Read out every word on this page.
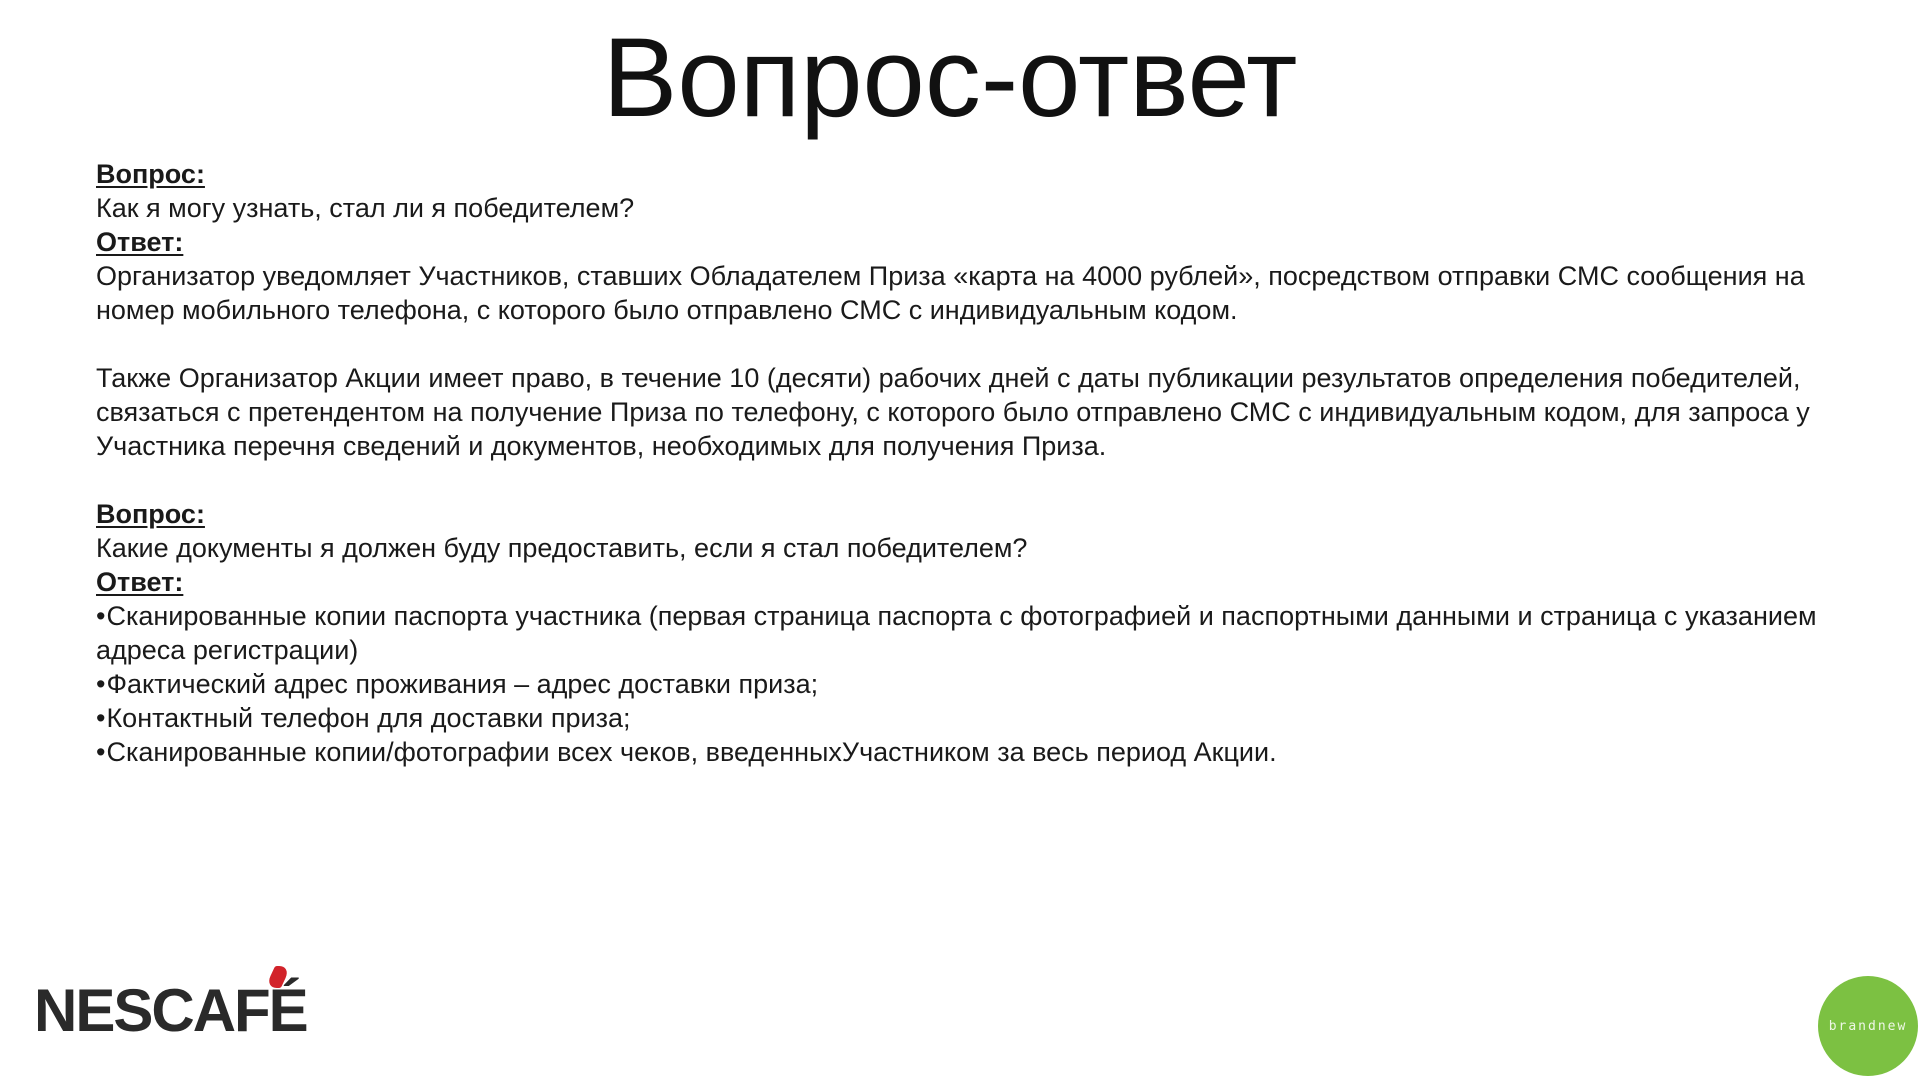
Вопрос-ответ

Вопрос:

Как я могу узнать, стал ли я победителем?

Ответ:

Организатор уведомляет Участников, ставших Обладателем Приза «карта на 4000 рублей», посредством отправки СМС сообщения на номер мобильного телефона, с которого было отправлено СМС с индивидуальным кодом.

Также Организатор Акции имеет право, в течение 10 (десяти) рабочих дней с даты публикации результатов определения победителей, связаться с претендентом на получение Приза по телефону, с которого было отправлено СМС с индивидуальным кодом, для запроса у Участника перечня сведений и документов, необходимых для получения Приза.

Вопрос:

Какие документы я должен буду предоставить, если я стал победителем?

Ответ:

• Сканированные копии паспорта участника (первая страница паспорта с фотографией и паспортными данными и страница с указанием адреса регистрации)

• Фактический адрес проживания – адрес доставки приза;

• Контактный телефон для доставки приза;

• Сканированные копии/фотографии всех чеков, введенныхУчастником за весь период Акции.

NESCAFÉ	brandnew
